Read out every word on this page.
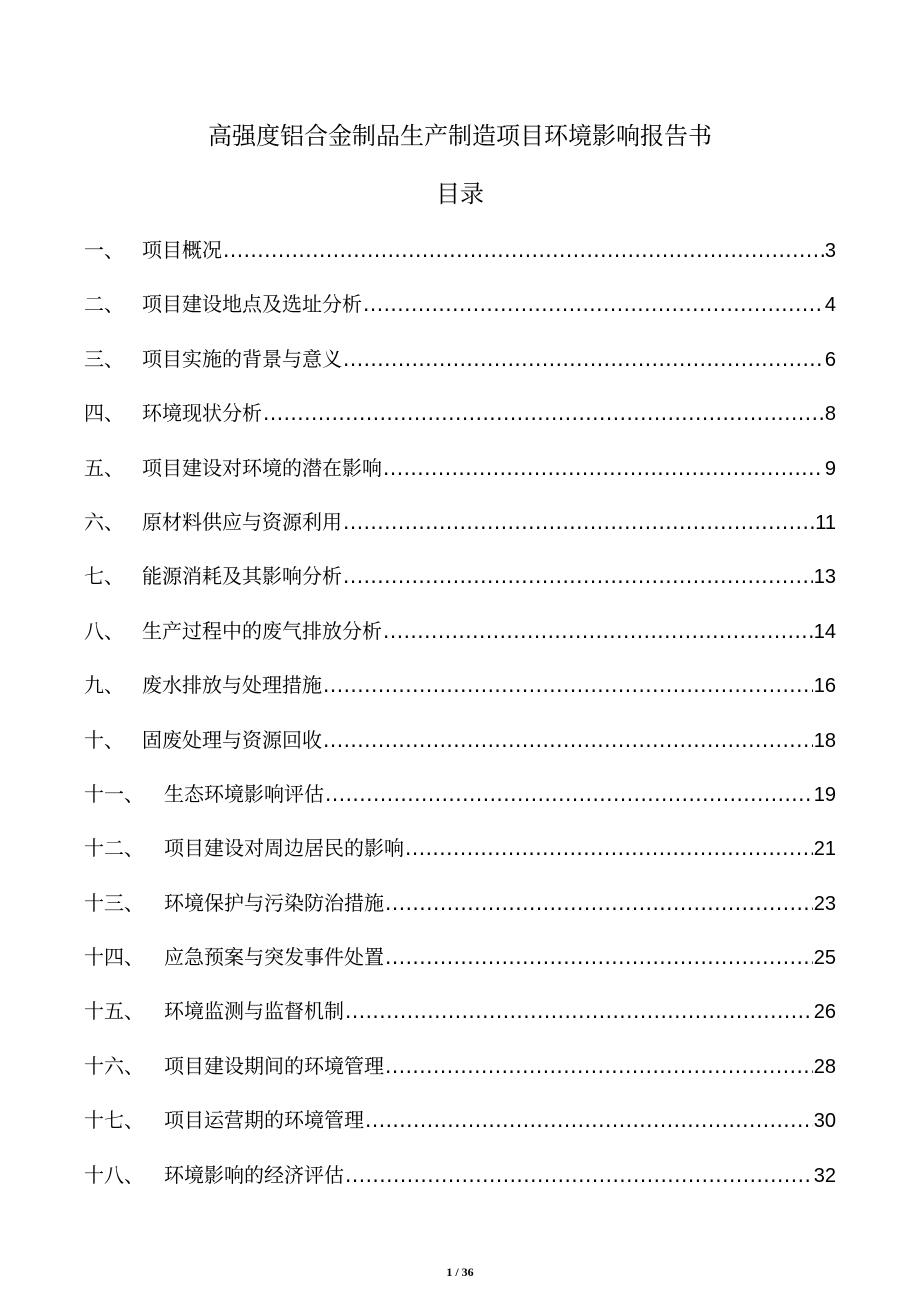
高强度铝合金制品生产制造项目环境影响报告书
目录
一、 项目概况 .....	3
二、 项目建设地点及选址分析 .....	4
三、 项目实施的背景与意义 .....	6
四、 环境现状分析 .....	8
五、 项目建设对环境的潜在影响 .....	9
六、 原材料供应与资源利用 .....	11
七、 能源消耗及其影响分析 .....	13
八、 生产过程中的废气排放分析 .....	14
九、 废水排放与处理措施 .....	16
十、 固废处理与资源回收 .....	18
十一、	生态环境影响评估 .....	19
十二、	项目建设对周边居民的影响 .....	21
十三、	环境保护与污染防治措施 .....	23
十四、	应急预案与突发事件处置 .....	25
十五、	环境监测与监督机制 .....	26
十六、	项目建设期间的环境管理 .....	28
十七、	项目运营期的环境管理 .....	30
十八、	环境影响的经济评估 .....	32
1 / 36
